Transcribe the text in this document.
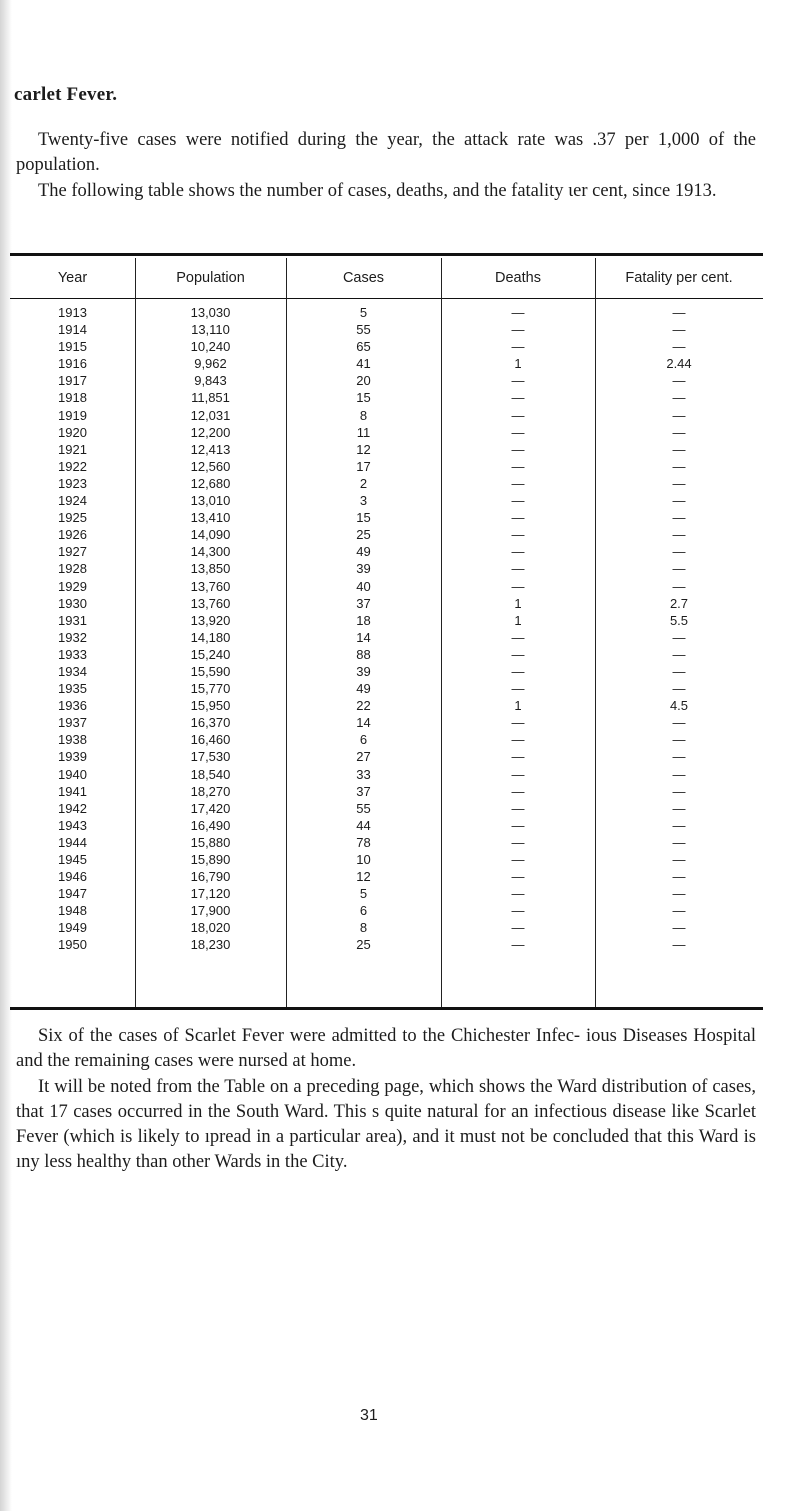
carlet Fever.

Twenty-five cases were notified during the year, the attack rate was .37 per 1,000 of the population.

The following table shows the number of cases, deaths, and the fatality ιer cent, since 1913.

Year	Population	Cases	Deaths	Fatality per cent.
1913	13,030	5	—	—
1914	13,110	55	—	—
1915	10,240	65	—	—
1916	9,962	41	1	2.44
1917	9,843	20	—	—
1918	11,851	15	—	—
1919	12,031	8	—	—
1920	12,200	11	—	—
1921	12,413	12	—	—
1922	12,560	17	—	—
1923	12,680	2	—	—
1924	13,010	3	—	—
1925	13,410	15	—	—
1926	14,090	25	—	—
1927	14,300	49	—	—
1928	13,850	39	—	—
1929	13,760	40	—	—
1930	13,760	37	1	2.7
1931	13,920	18	1	5.5
1932	14,180	14	—	—
1933	15,240	88	—	—
1934	15,590	39	—	—
1935	15,770	49	—	—
1936	15,950	22	1	4.5
1937	16,370	14	—	—
1938	16,460	6	—	—
1939	17,530	27	—	—
1940	18,540	33	—	—
1941	18,270	37	—	—
1942	17,420	55	—	—
1943	16,490	44	—	—
1944	15,880	78	—	—
1945	15,890	10	—	—
1946	16,790	12	—	—
1947	17,120	5	—	—
1948	17,900	6	—	—
1949	18,020	8	—	—
1950	18,230	25	—	—

Six of the cases of Scarlet Fever were admitted to the Chichester Infec- ious Diseases Hospital and the remaining cases were nursed at home.

It will be noted from the Table on a preceding page, which shows the Ward distribution of cases, that 17 cases occurred in the South Ward. This s quite natural for an infectious disease like Scarlet Fever (which is likely to ıpread in a particular area), and it must not be concluded that this Ward is ıny less healthy than other Wards in the City.

31
